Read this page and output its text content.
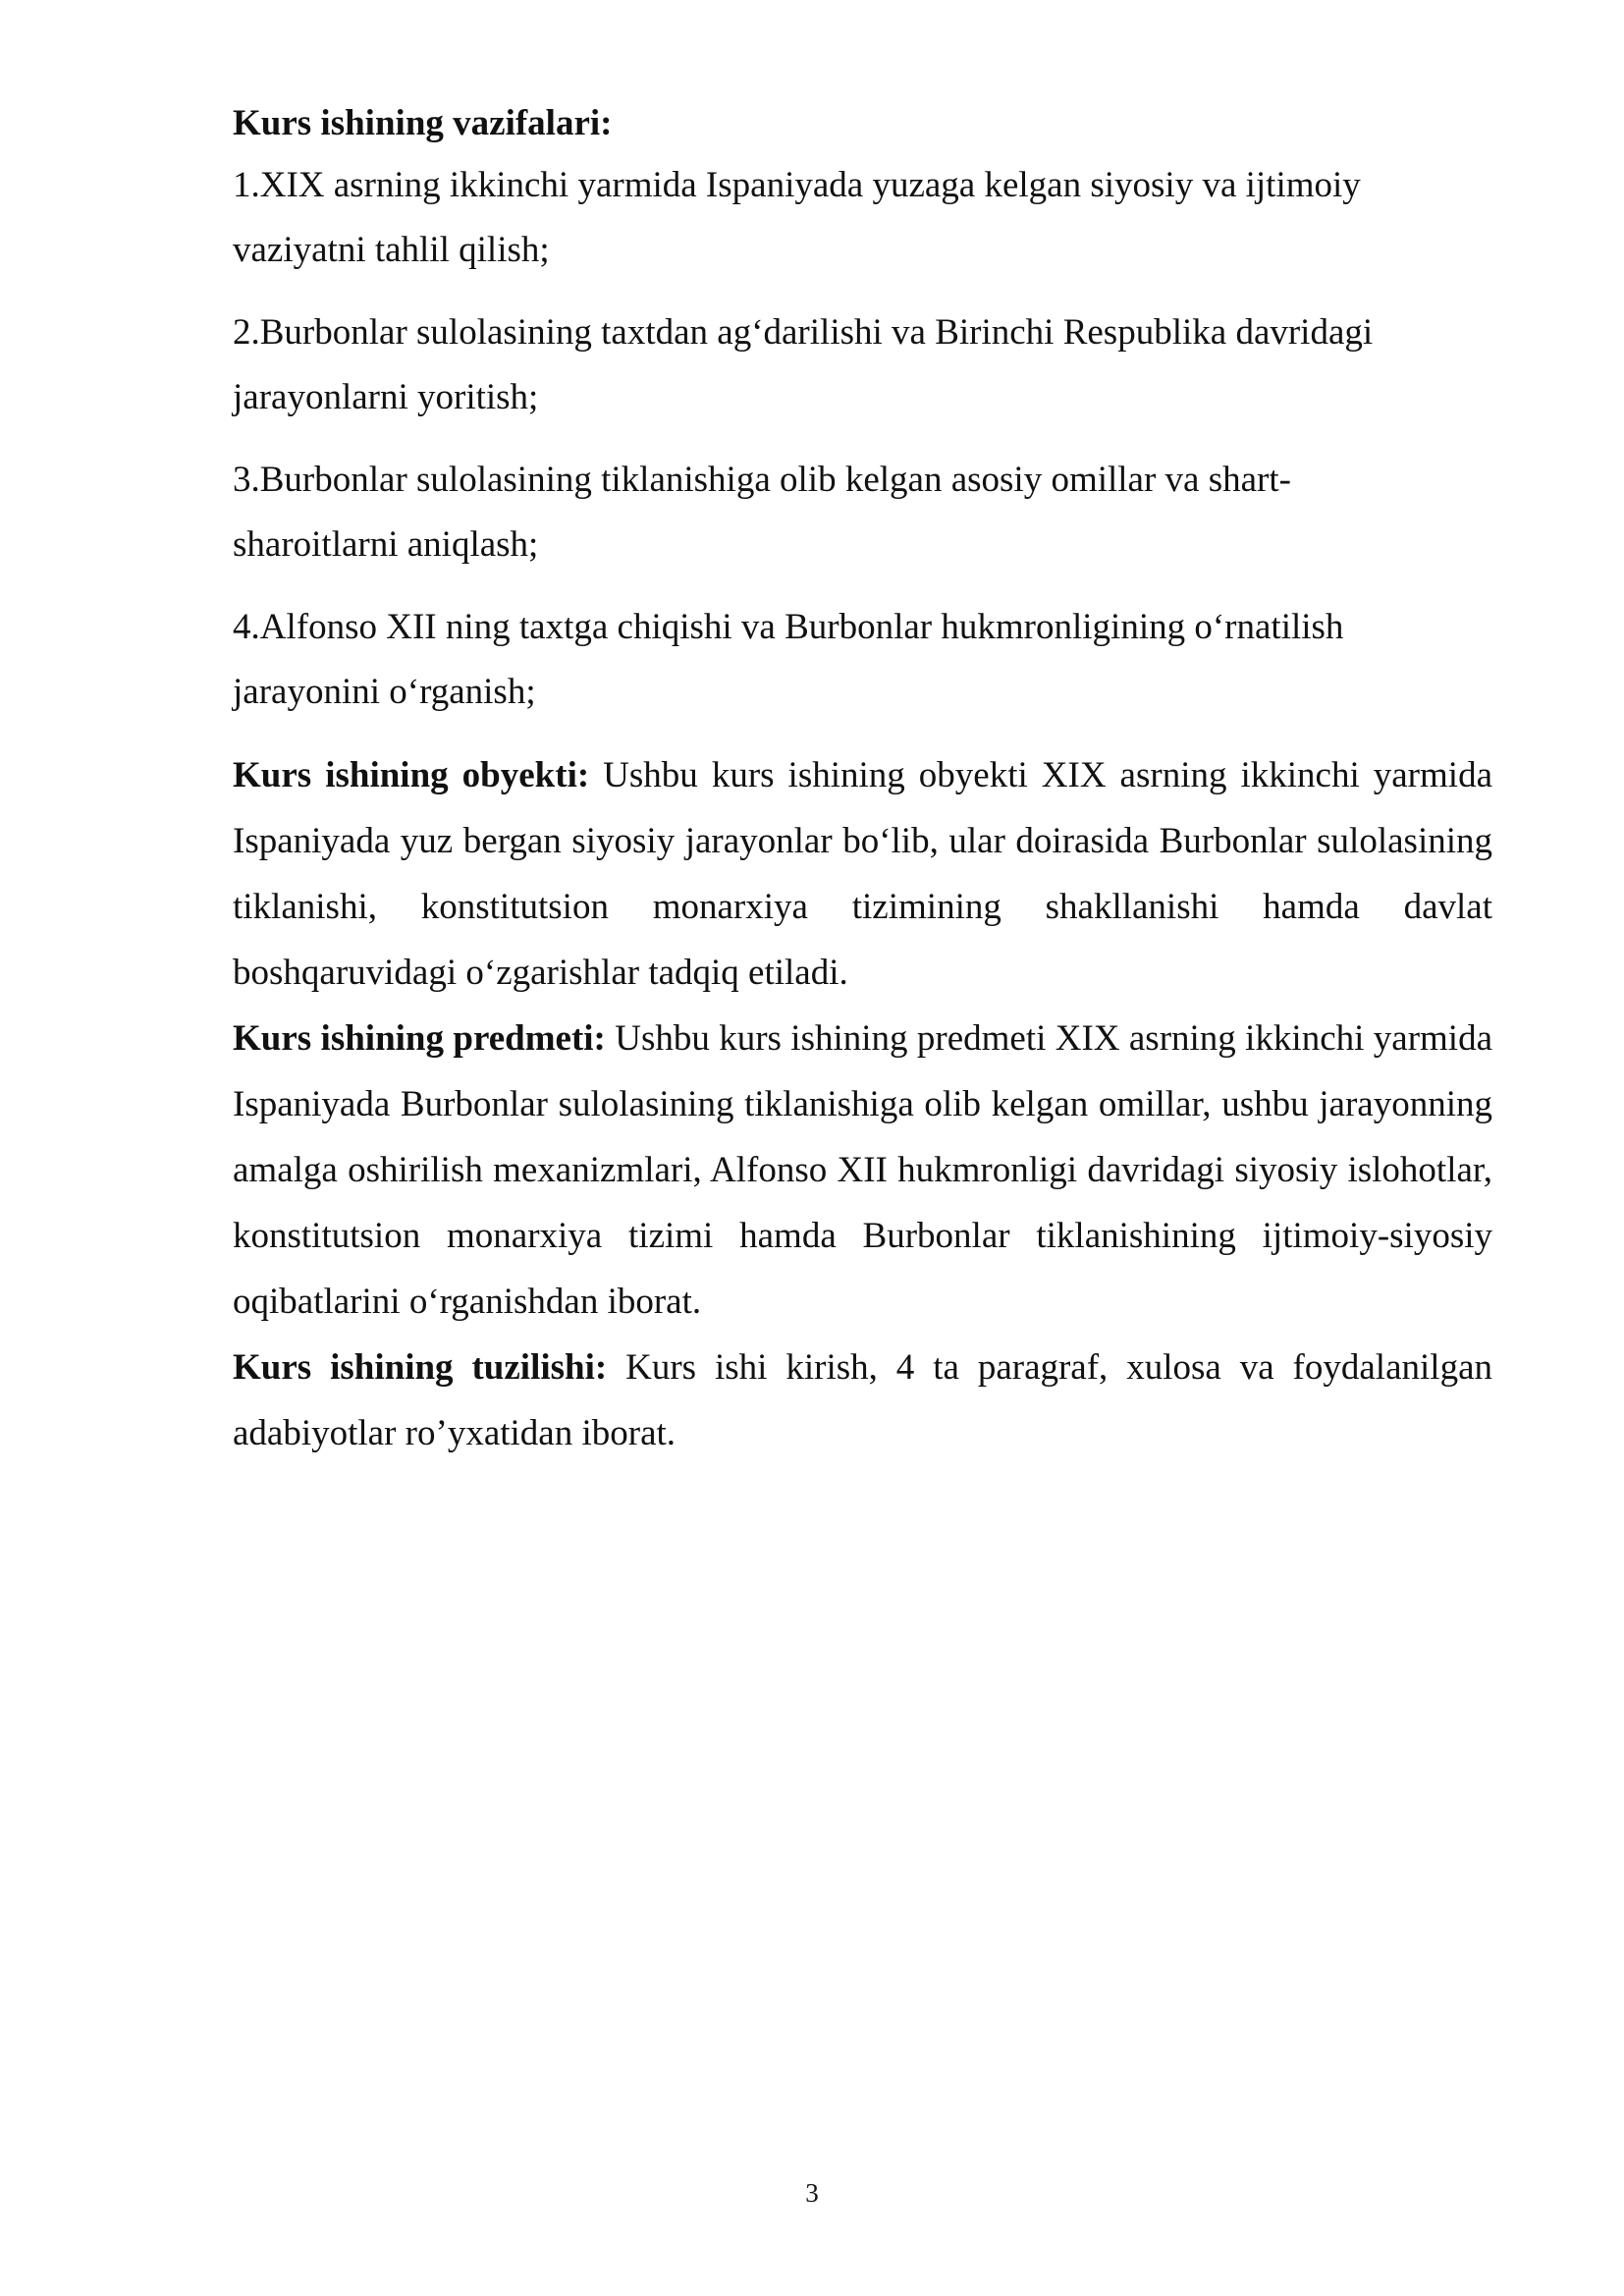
Kurs ishining vazifalari:

1.XIX asrning ikkinchi yarmida Ispaniyada yuzaga kelgan siyosiy va ijtimoiy vaziyatni tahlil qilish;

2.Burbonlar sulolasining taxtdan ag‘darilishi va Birinchi Respublika davridagi jarayonlarni yoritish;

3.Burbonlar sulolasining tiklanishiga olib kelgan asosiy omillar va shart-sharoitlarni aniqlash;

4.Alfonso XII ning taxtga chiqishi va Burbonlar hukmronligining o‘rnatilish jarayonini o‘rganish;

Kurs ishining obyekti: Ushbu kurs ishining obyekti XIX asrning ikkinchi yarmida Ispaniyada yuz bergan siyosiy jarayonlar bo‘lib, ular doirasida Burbonlar sulolasining tiklanishi, konstitutsion monarxiya tizimining shakllanishi hamda davlat boshqaruvidagi o‘zgarishlar tadqiq etiladi.

Kurs ishining predmeti: Ushbu kurs ishining predmeti XIX asrning ikkinchi yarmida Ispaniyada Burbonlar sulolasining tiklanishiga olib kelgan omillar, ushbu jarayonning amalga oshirilish mexanizmlari, Alfonso XII hukmronligi davridagi siyosiy islohotlar, konstitutsion monarxiya tizimi hamda Burbonlar tiklanishining ijtimoiy-siyosiy oqibatlarini o‘rganishdan iborat.

Kurs ishining tuzilishi: Kurs ishi kirish, 4 ta paragraf, xulosa va foydalanilgan adabiyotlar ro’yxatidan iborat.

3
